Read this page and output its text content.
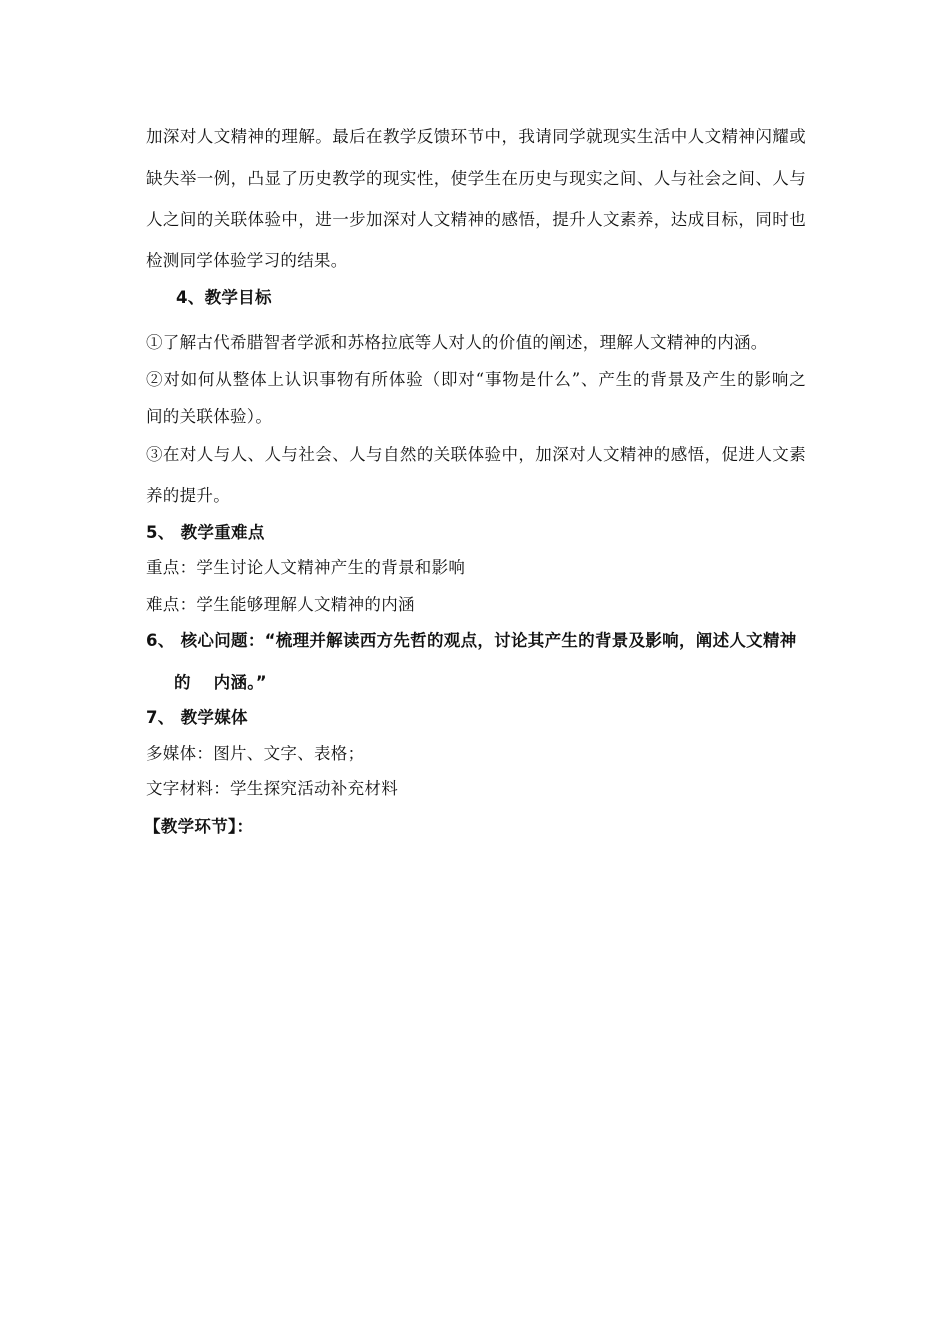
加深对人文精神的理解。最后在教学反馈环节中，我请同学就现实生活中人文精神闪耀或
缺失举一例，凸显了历史教学的现实性，使学生在历史与现实之间、人与社会之间、人与
人之间的关联体验中，进一步加深对人文精神的感悟，提升人文素养，达成目标，同时也
检测同学体验学习的结果。
4、教学目标
①了解古代希腊智者学派和苏格拉底等人对人的价值的阐述，理解人文精神的内涵。
②对如何从整体上认识事物有所体验（即对“事物是什么”、产生的背景及产生的影响之
间的关联体验）。
③在对人与人、人与社会、人与自然的关联体验中，加深对人文精神的感悟，促进人文素
养的提升。
5、 教学重难点
重点：学生讨论人文精神产生的背景和影响
难点：学生能够理解人文精神的内涵
6、 核心问题：“梳理并解读西方先哲的观点，讨论其产生的背景及影响，阐述人文精神
的　 内涵。”
7、 教学媒体
多媒体：图片、文字、表格；
文字材料：学生探究活动补充材料
【教学环节】：
